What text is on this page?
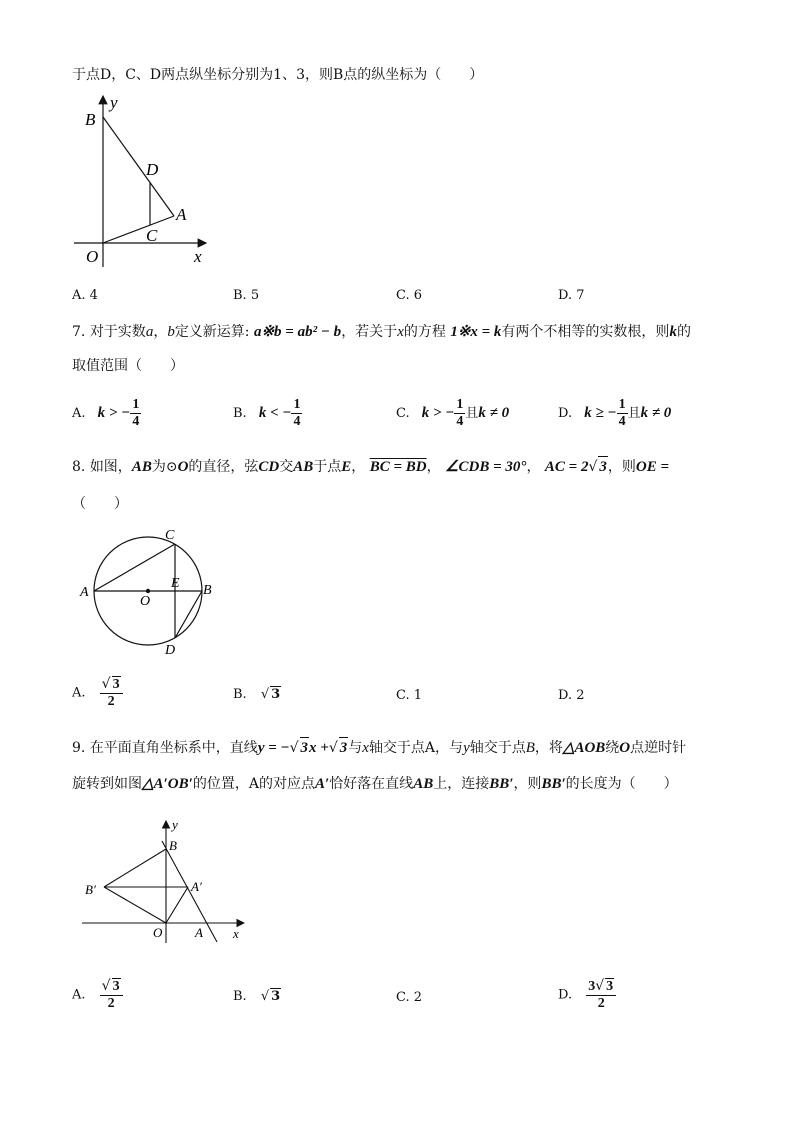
于点D，C、D两点纵坐标分别为1、3，则B点的纵坐标为（　　）
y
B
D
A
C
O	x
A. 4	B. 5	C. 6	D. 7
7. 对于实数a，b定义新运算: a※b = ab² − b，若关于x的方程 1※x = k有两个不相等的实数根，则k的
取值范围（　　）
A. k > − $\frac{1}{4}$	B. k < − $\frac{1}{4}$	C. k > − $\frac{1}{4}$ 且k ≠ 0	D. k ≥ − $\frac{1}{4}$ 且k ≠ 0
8. 如图，AB为⊙O的直径，弦CD交AB于点E， BC = BD， ∠CDB = 30°， AC = 2√ 3，则OE =
（　　）
C
A
E B
O
D
A. $\frac{√ 3}{2}$	B. √ 3	C. 1	D. 2
9. 在平面直角坐标系中，直线y = −√ 3x +√ 3与x轴交于点A，与y轴交于点B，将△AOB绕O点逆时针
旋转到如图△A′OB′的位置，A的对应点A′恰好落在直线AB上，连接BB′，则BB′的长度为（　　）
y
B
B′	A′
O	A x
A. $\frac{√ 3}{2}$	B. √ 3	C. 2	D. $\frac{3√ 3}{2}$
